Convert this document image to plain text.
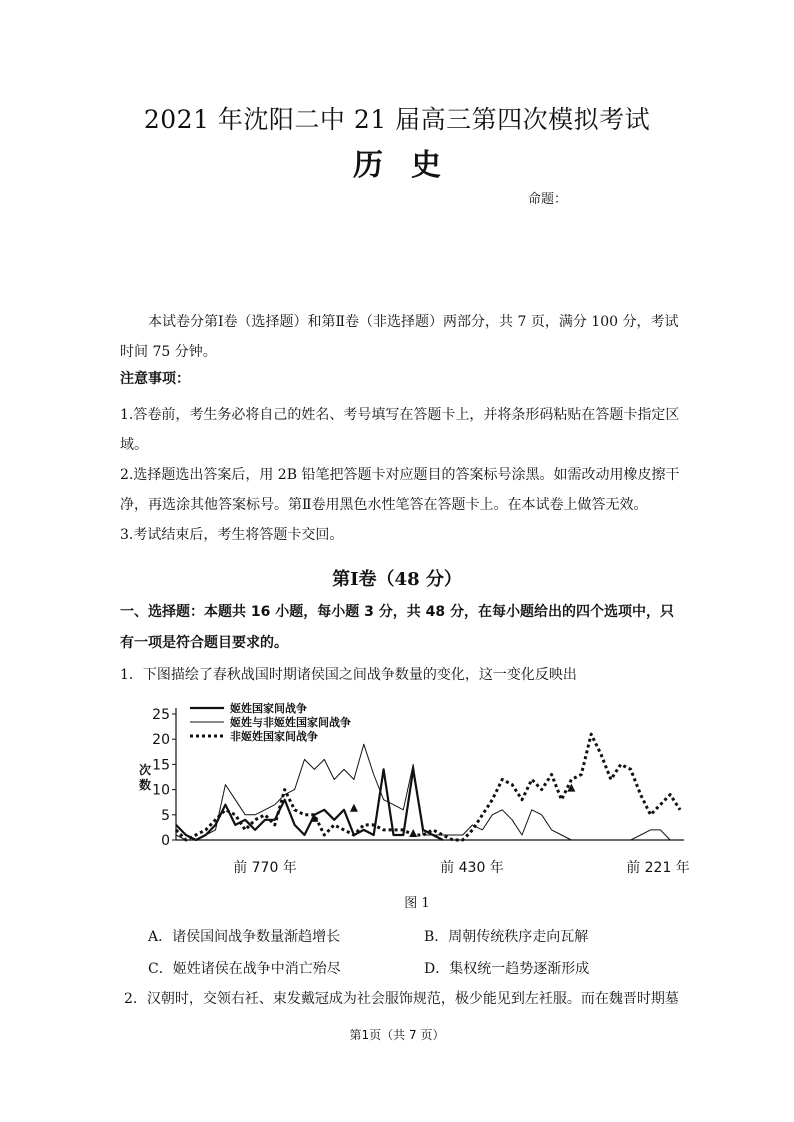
2021 年沈阳二中 21 届高三第四次模拟考试
历史
命题：
本试卷分第Ⅰ卷（选择题）和第Ⅱ卷（非选择题）两部分，共 7 页，满分 100 分，考试时间 75 分钟。
注意事项：
1.答卷前，考生务必将自己的姓名、考号填写在答题卡上，并将条形码粘贴在答题卡指定区域。
2.选择题选出答案后，用 2B 铅笔把答题卡对应题目的答案标号涂黑。如需改动用橡皮擦干净，再选涂其他答案标号。第Ⅱ卷用黑色水性笔答在答题卡上。在本试卷上做答无效。
3.考试结束后，考生将答题卡交回。
第Ⅰ卷（48 分）
一、选择题：本题共 16 小题，每小题 3 分，共 48 分，在每小题给出的四个选项中，只有一项是符合题目要求的。
1．下图描绘了春秋战国时期诸侯国之间战争数量的变化，这一变化反映出
0
5
10
15
20
25
次
数
姬姓国家间战争
姬姓与非姬姓国家间战争
非姬姓国家间战争
前 770 年	前 430 年	前 221 年
图 1
A．诸侯国间战争数量渐趋增长	B．周朝传统秩序走向瓦解
C．姬姓诸侯在战争中消亡殆尽	D．集权统一趋势逐渐形成
2．汉朝时，交领右衽、束发戴冠成为社会服饰规范，极少能见到左衽服。而在魏晋时期墓
第1页（共 7 页）
